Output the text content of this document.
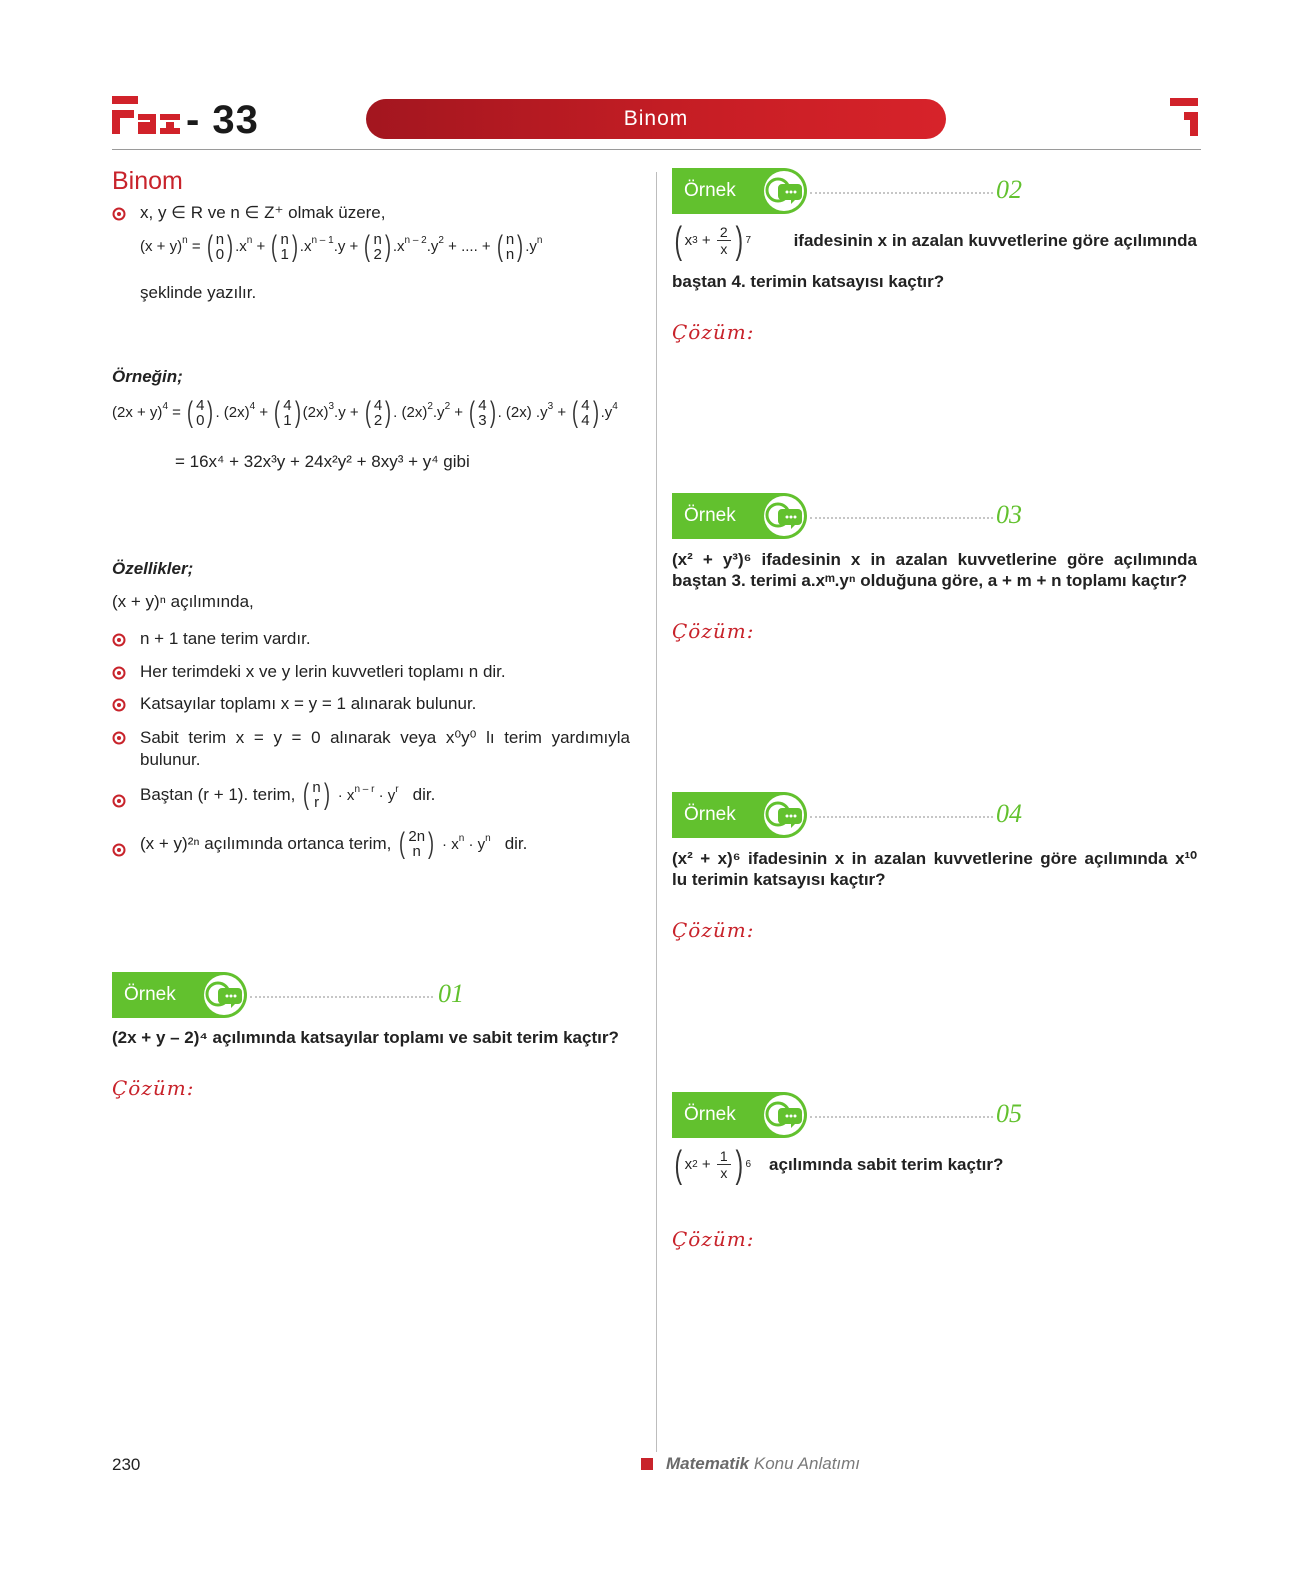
- 33	Binom
Binom
x, y ∈ R ve n ∈ Z⁺ olmak üzere,
$(x + y)^n$ = ( n
0 ) $.x^n$ + ( n
1 ) $.x^{n - 1}.y$ + ( n
2 ) $.x^{n - 2}.y^2$ + .... + ( n
n ) $.y^n$
şeklinde yazılır.
Örneğin;
$(2x + y)^4$ = ( 4
0 ) . $(2x)^4$ + ( 4
1 ) $(2x)^3.y$ + ( 4
2 ) . $(2x)^2.y^2$ + ( 4
3 ) . (2x) $.y^3$ + ( 4
4 ) $.y^4$
= 16x⁴ + 32x³y + 24x²y² + 8xy³ + y⁴ gibi
Özellikler;
(x + y)ⁿ açılımında,
n + 1 tane terim vardır.
Her terimdeki x ve y lerin kuvvetleri toplamı n dir.
Katsayılar toplamı x = y = 1 alınarak bulunur.
Sabit terim x = y = 0 alınarak veya x⁰y⁰ lı terim yardımıyla bulunur.
Baştan (r + 1). terim, ( n
r ) · $x^{n - r} \cdot y^r$ dir.
(x + y)²ⁿ açılımında ortanca terim, ( 2n
n ) · $x^n \cdot y^n$ dir.
Örnek	01
(2x + y – 2)⁴ açılımında katsayılar toplamı ve sabit terim kaçtır?
Çözüm:
Örnek	02
( x $3 + \frac{2}{x}$ ) 7	ifadesinin x in azalan kuvvetlerine göre açılımında
baştan 4. terimin katsayısı kaçtır?
Çözüm:
Örnek	03
(x² + y³)⁶ ifadesinin x in azalan kuvvetlerine göre açılımında
baştan 3. terimi a.xᵐ.yⁿ olduğuna göre, a + m + n toplamı kaçtır?
Çözüm:
Örnek	04
(x² + x)⁶ ifadesinin x in azalan kuvvetlerine göre açılımında x¹⁰
lu terimin katsayısı kaçtır?
Çözüm:
Örnek	05
( x $2 + \frac{1}{x}$ ) 6 açılımında sabit terim kaçtır?
Çözüm:
230	Matematik Konu Anlatımı
